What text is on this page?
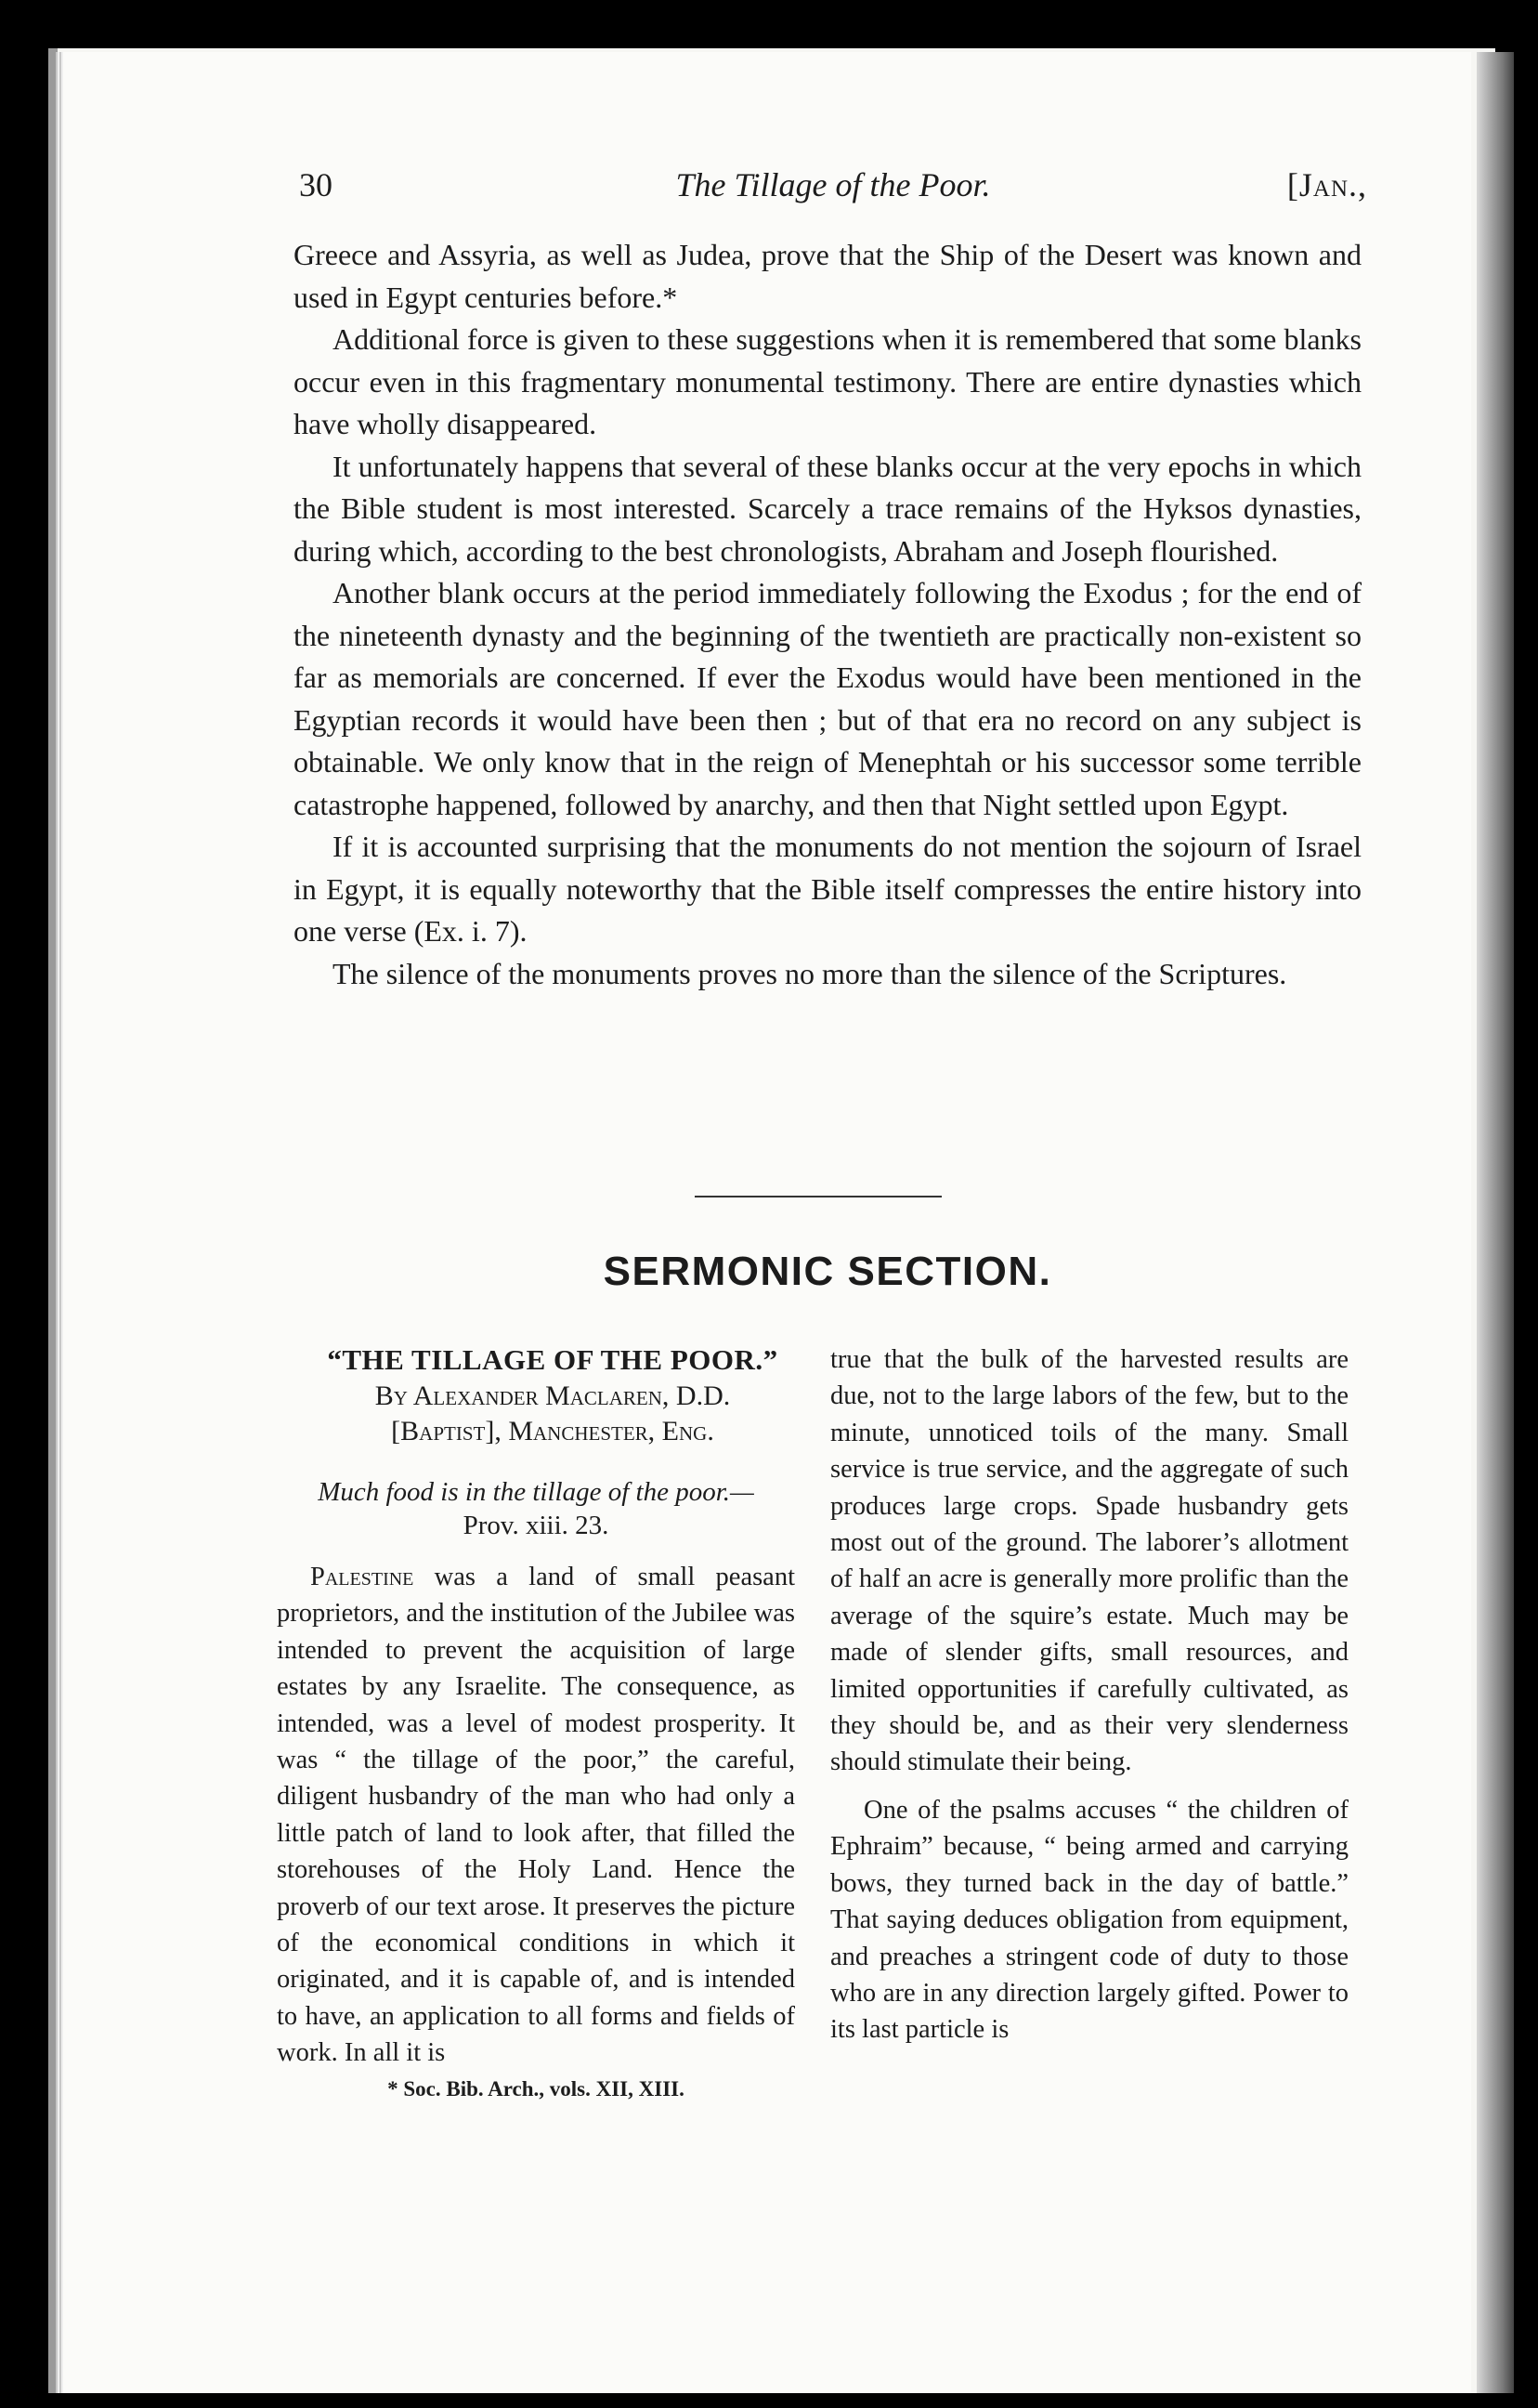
30	The Tillage of the Poor.	[Jan.,

Greece and Assyria, as well as Judea, prove that the Ship of the Desert was known and used in Egypt centuries before.*

Additional force is given to these suggestions when it is remembered that some blanks occur even in this fragmentary monumental testimony. There are entire dynasties which have wholly disappeared.

It unfortunately happens that several of these blanks occur at the very epochs in which the Bible student is most interested. Scarcely a trace remains of the Hyksos dynasties, during which, according to the best chronologists, Abraham and Joseph flourished.

Another blank occurs at the period immediately following the Exodus ; for the end of the nineteenth dynasty and the beginning of the twentieth are practically non-existent so far as memorials are concerned. If ever the Exodus would have been mentioned in the Egyptian records it would have been then ; but of that era no record on any subject is obtainable. We only know that in the reign of Menephtah or his successor some terrible catastrophe happened, followed by anarchy, and then that Night settled upon Egypt.

If it is accounted surprising that the monuments do not mention the sojourn of Israel in Egypt, it is equally noteworthy that the Bible itself compresses the entire history into one verse (Ex. i. 7).

The silence of the monuments proves no more than the silence of the Scriptures.

SERMONIC SECTION.

“THE TILLAGE OF THE POOR.”

By Alexander Maclaren, D.D.

[Baptist], Manchester, Eng.

Much food is in the tillage of the poor.—
Prov. xiii. 23.

Palestine was a land of small peasant proprietors, and the institution of the Jubilee was intended to prevent the acquisition of large estates by any Israelite. The consequence, as intended, was a level of modest prosperity. It was “ the tillage of the poor,” the careful, diligent husbandry of the man who had only a little patch of land to look after, that filled the storehouses of the Holy Land. Hence the proverb of our text arose. It preserves the picture of the economical conditions in which it originated, and it is capable of, and is intended to have, an application to all forms and fields of work. In all it is

* Soc. Bib. Arch., vols. XII, XIII.

true that the bulk of the harvested results are due, not to the large labors of the few, but to the minute, unnoticed toils of the many. Small service is true service, and the aggregate of such produces large crops. Spade husbandry gets most out of the ground. The laborer’s allotment of half an acre is generally more prolific than the average of the squire’s estate. Much may be made of slender gifts, small resources, and limited opportunities if carefully cultivated, as they should be, and as their very slenderness should stimulate their being.

One of the psalms accuses “ the children of Ephraim” because, “ being armed and carrying bows, they turned back in the day of battle.” That saying deduces obligation from equipment, and preaches a stringent code of duty to those who are in any direction largely gifted. Power to its last particle is
